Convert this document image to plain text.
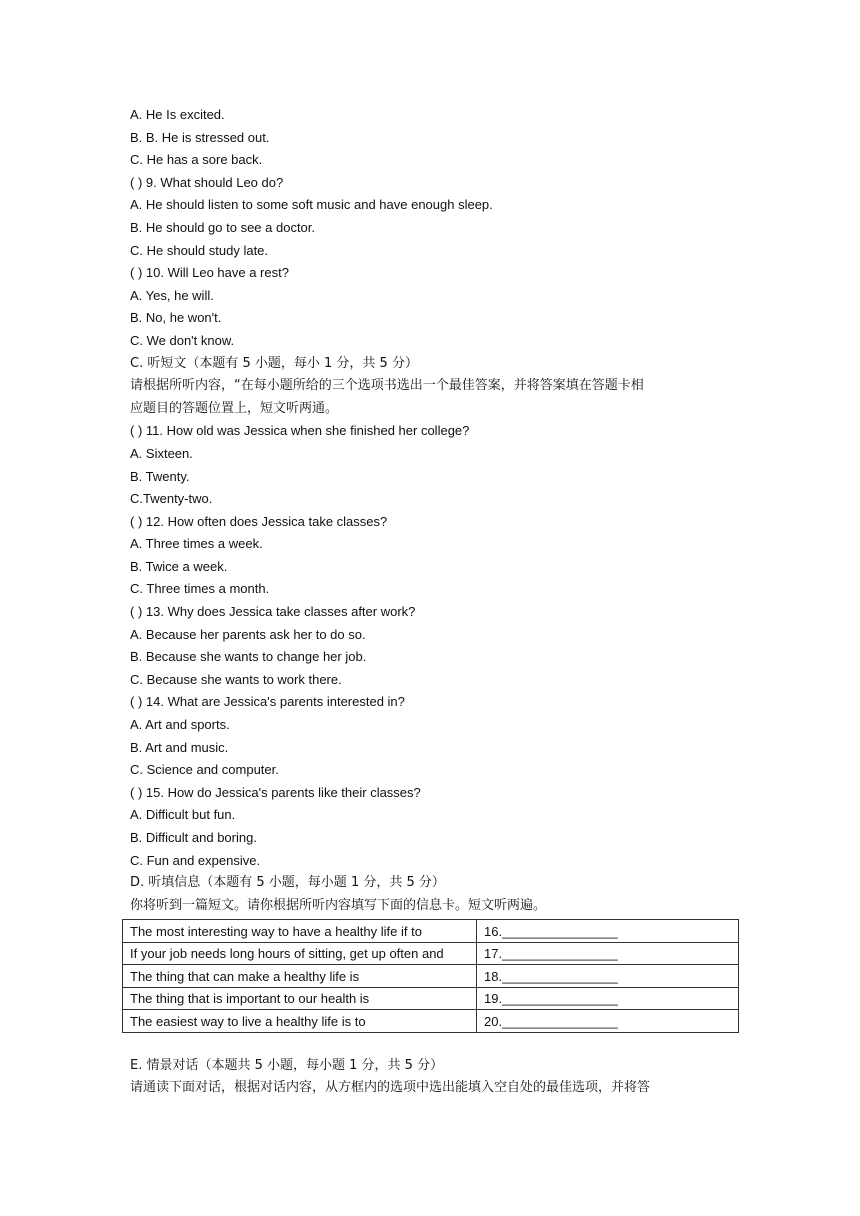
A. He Is excited.
B. B. He is stressed out.
C. He has a sore back.
( ) 9. What should Leo do?
A. He should listen to some soft music and have enough sleep.
B. He should go to see a doctor.
C. He should study late.
( ) 10. Will Leo have a rest?
A. Yes, he will.
B. No, he won't.
C. We don't know.
C. 听短文（本题有 5 小题，每小 1 分，共 5 分）
请根据所听内容，“在每小题所给的三个选项书选出一个最佳答案，并将答案填在答题卡相
应题目的答题位置上，短文听两通。
( ) 11. How old was Jessica when she finished her college?
A. Sixteen.
B. Twenty.
C.Twenty-two.
( ) 12. How often does Jessica take classes?
A. Three times a week.
B. Twice a week.
C. Three times a month.
( ) 13. Why does Jessica take classes after work?
A. Because her parents ask her to do so.
B. Because she wants to change her job.
C. Because she wants to work there.
( ) 14. What are Jessica's parents interested in?
A. Art and sports.
B. Art and music.
C. Science and computer.
( ) 15. How do Jessica's parents like their classes?
A. Difficult but fun.
B. Difficult and boring.
C. Fun and expensive.
D. 听填信息（本题有 5 小题，每小题 1 分，共 5 分）
你将听到一篇短文。请你根据所听内容填写下面的信息卡。短文听两遍。
The most interesting way to have a healthy life if to	16.________________
If your job needs long hours of sitting, get up often and	17.________________
The thing that can make a healthy life is	18.________________
The thing that is important to our health is	19.________________
The easiest way to live a healthy life is to	20.________________
E. 情景对话（本题共 5 小题，每小题 1 分，共 5 分）
请通读下面对话，根据对话内容，从方框内的选项中选出能填入空自处的最佳选项，并将答
